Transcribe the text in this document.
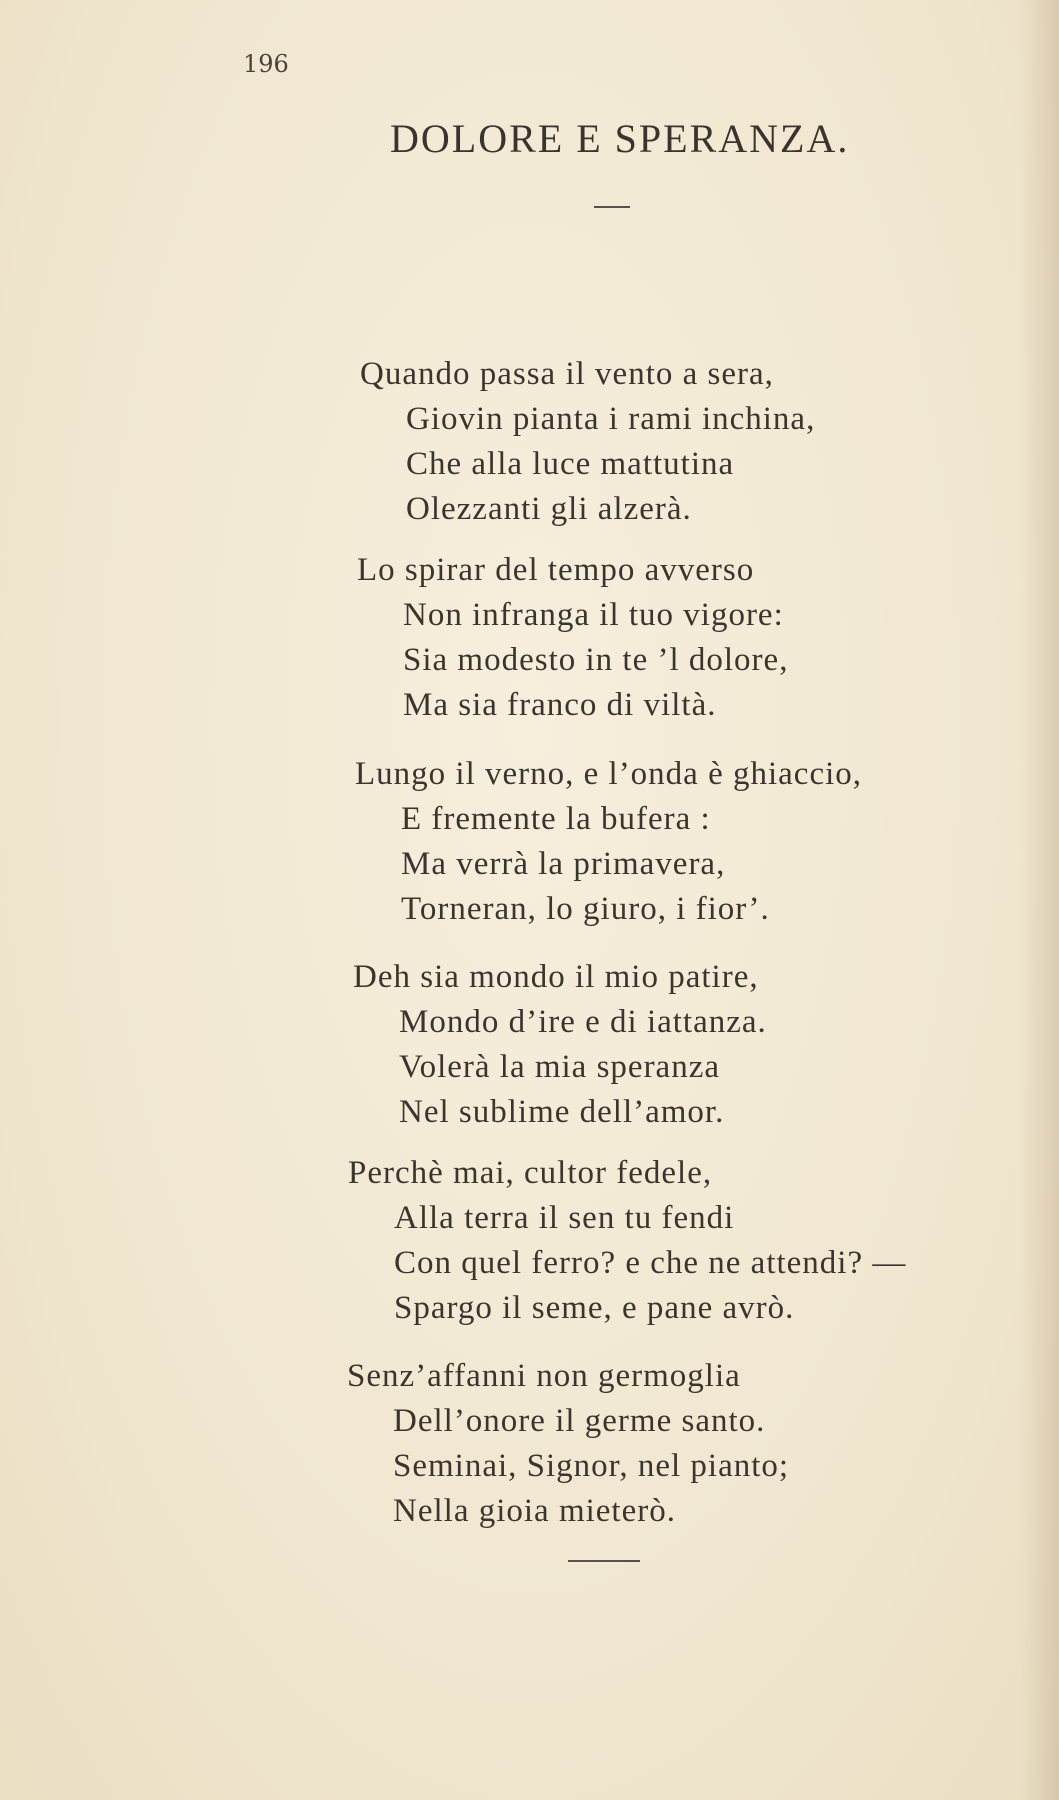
196
DOLORE E SPERANZA.
Quando passa il vento a sera,
Giovin pianta i rami inchina,
Che alla luce mattutina
Olezzanti gli alzerà.
Lo spirar del tempo avverso
Non infranga il tuo vigore:
Sia modesto in te ’l dolore,
Ma sia franco di viltà.
Lungo il verno, e l’onda è ghiaccio,
E fremente la bufera :
Ma verrà la primavera,
Torneran, lo giuro, i fior’.
Deh sia mondo il mio patire,
Mondo d’ire e di iattanza.
Volerà la mia speranza
Nel sublime dell’amor.
Perchè mai, cultor fedele,
Alla terra il sen tu fendi
Con quel ferro? e che ne attendi? —
Spargo il seme, e pane avrò.
Senz’affanni non germoglia
Dell’onore il germe santo.
Seminai, Signor, nel pianto;
Nella gioia mieterò.
